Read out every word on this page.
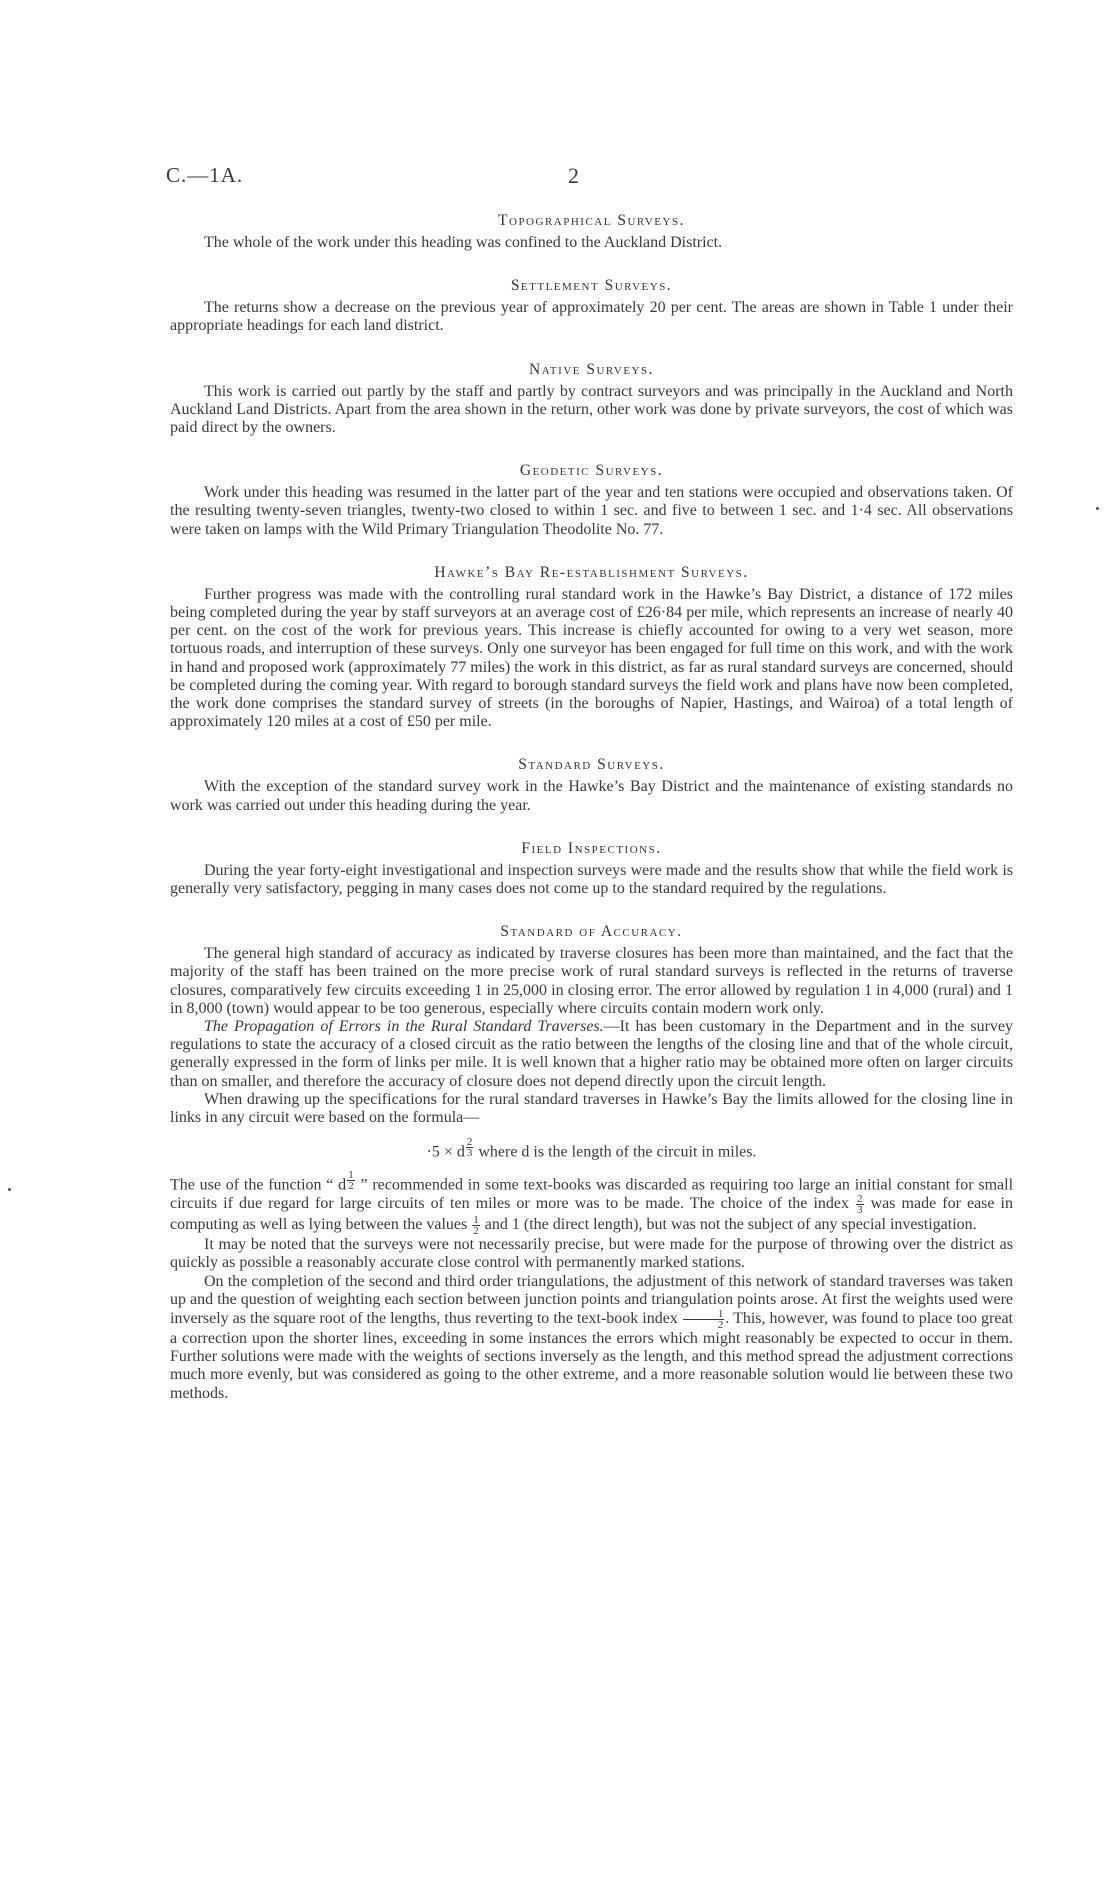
C.—1A.	2
Topographical Surveys.

The whole of the work under this heading was confined to the Auckland District.

Settlement Surveys.

The returns show a decrease on the previous year of approximately 20 per cent. The areas are shown in Table 1 under their appropriate headings for each land district.

Native Surveys.

This work is carried out partly by the staff and partly by contract surveyors and was principally in the Auckland and North Auckland Land Districts. Apart from the area shown in the return, other work was done by private surveyors, the cost of which was paid direct by the owners.

Geodetic Surveys.

Work under this heading was resumed in the latter part of the year and ten stations were occupied and observations taken. Of the resulting twenty-seven triangles, twenty-two closed to within 1 sec. and five to between 1 sec. and 1·4 sec. All observations were taken on lamps with the Wild Primary Triangulation Theodolite No. 77.

Hawke’s Bay Re-establishment Surveys.

Further progress was made with the controlling rural standard work in the Hawke’s Bay District, a distance of 172 miles being completed during the year by staff surveyors at an average cost of £26·84 per mile, which represents an increase of nearly 40 per cent. on the cost of the work for previous years. This increase is chiefly accounted for owing to a very wet season, more tortuous roads, and interruption of these surveys. Only one surveyor has been engaged for full time on this work, and with the work in hand and proposed work (approximately 77 miles) the work in this district, as far as rural standard surveys are concerned, should be completed during the coming year. With regard to borough standard surveys the field work and plans have now been completed, the work done comprises the standard survey of streets (in the boroughs of Napier, Hastings, and Wairoa) of a total length of approximately 120 miles at a cost of £50 per mile.

Standard Surveys.

With the exception of the standard survey work in the Hawke’s Bay District and the maintenance of existing standards no work was carried out under this heading during the year.

Field Inspections.

During the year forty-eight investigational and inspection surveys were made and the results show that while the field work is generally very satisfactory, pegging in many cases does not come up to the standard required by the regulations.

Standard of Accuracy.

The general high standard of accuracy as indicated by traverse closures has been more than maintained, and the fact that the majority of the staff has been trained on the more precise work of rural standard surveys is reflected in the returns of traverse closures, comparatively few circuits exceeding 1 in 25,000 in closing error. The error allowed by regulation 1 in 4,000 (rural) and 1 in 8,000 (town) would appear to be too generous, especially where circuits contain modern work only.

The Propagation of Errors in the Rural Standard Traverses.—It has been customary in the Department and in the survey regulations to state the accuracy of a closed circuit as the ratio between the lengths of the closing line and that of the whole circuit, generally expressed in the form of links per mile. It is well known that a higher ratio may be obtained more often on larger circuits than on smaller, and therefore the accuracy of closure does not depend directly upon the circuit length.

When drawing up the specifications for the rural standard traverses in Hawke’s Bay the limits allowed for the closing line in links in any circuit were based on the formula—

·5 × d $^{\frac{2}{3}}$ where d is the length of the circuit in miles.

The use of the function “ d $^{\frac{1}{2}}$ ” recommended in some text-books was discarded as requiring too large an initial constant for small circuits if due regard for large circuits of ten miles or more was to be made. The choice of the index $\frac{2}{3}$ was made for ease in computing as well as lying between the values $\frac{1}{2}$ and 1 (the direct length), but was not the subject of any special investigation.

It may be noted that the surveys were not necessarily precise, but were made for the purpose of throwing over the district as quickly as possible a reasonably accurate close control with permanently marked stations.

On the completion of the second and third order triangulations, the adjustment of this network of standard traverses was taken up and the question of weighting each section between junction points and triangulation points arose. At first the weights used were inversely as the square root of the lengths, thus reverting to the text-book index $\frac{1}{2}$ . This, however, was found to place too great a correction upon the shorter lines, exceeding in some instances the errors which might reasonably be expected to occur in them. Further solutions were made with the weights of sections inversely as the length, and this method spread the adjustment corrections much more evenly, but was considered as going to the other extreme, and a more reasonable solution would lie between these two methods.
